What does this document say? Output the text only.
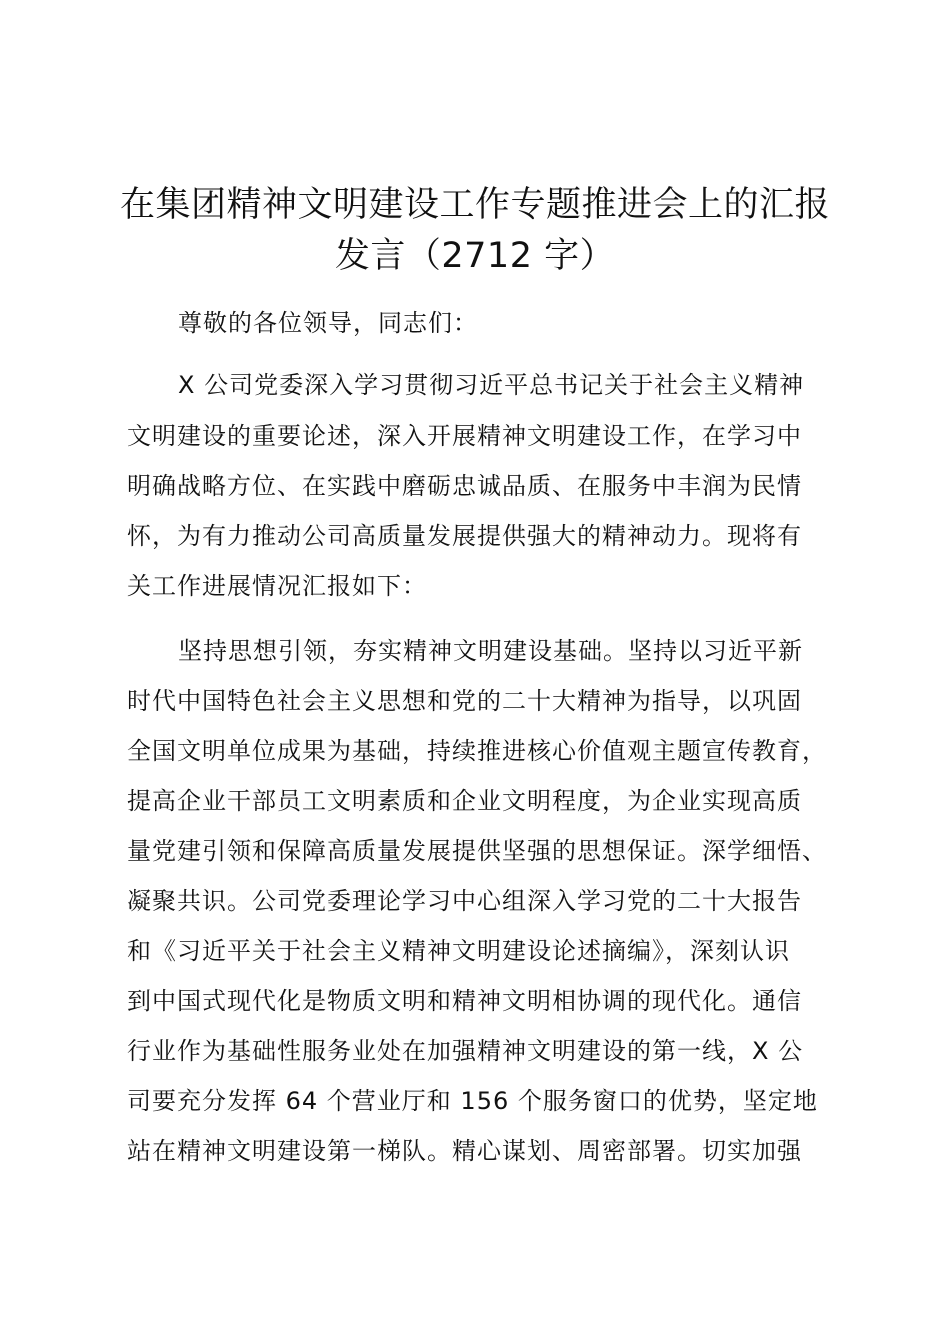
在集团精神文明建设工作专题推进会上的汇报
发言（2712 字）
尊敬的各位领导，同志们：
X 公司党委深入学习贯彻习近平总书记关于社会主义精神
文明建设的重要论述，深入开展精神文明建设工作，在学习中
明确战略方位、在实践中磨砺忠诚品质、在服务中丰润为民情
怀，为有力推动公司高质量发展提供强大的精神动力。现将有
关工作进展情况汇报如下：
坚持思想引领，夯实精神文明建设基础。坚持以习近平新
时代中国特色社会主义思想和党的二十大精神为指导，以巩固
全国文明单位成果为基础，持续推进核心价值观主题宣传教育，
提高企业干部员工文明素质和企业文明程度，为企业实现高质
量党建引领和保障高质量发展提供坚强的思想保证。深学细悟、
凝聚共识。公司党委理论学习中心组深入学习党的二十大报告
和《习近平关于社会主义精神文明建设论述摘编》，深刻认识
到中国式现代化是物质文明和精神文明相协调的现代化。通信
行业作为基础性服务业处在加强精神文明建设的第一线，X 公
司要充分发挥 64 个营业厅和 156 个服务窗口的优势，坚定地
站在精神文明建设第一梯队。精心谋划、周密部署。切实加强
